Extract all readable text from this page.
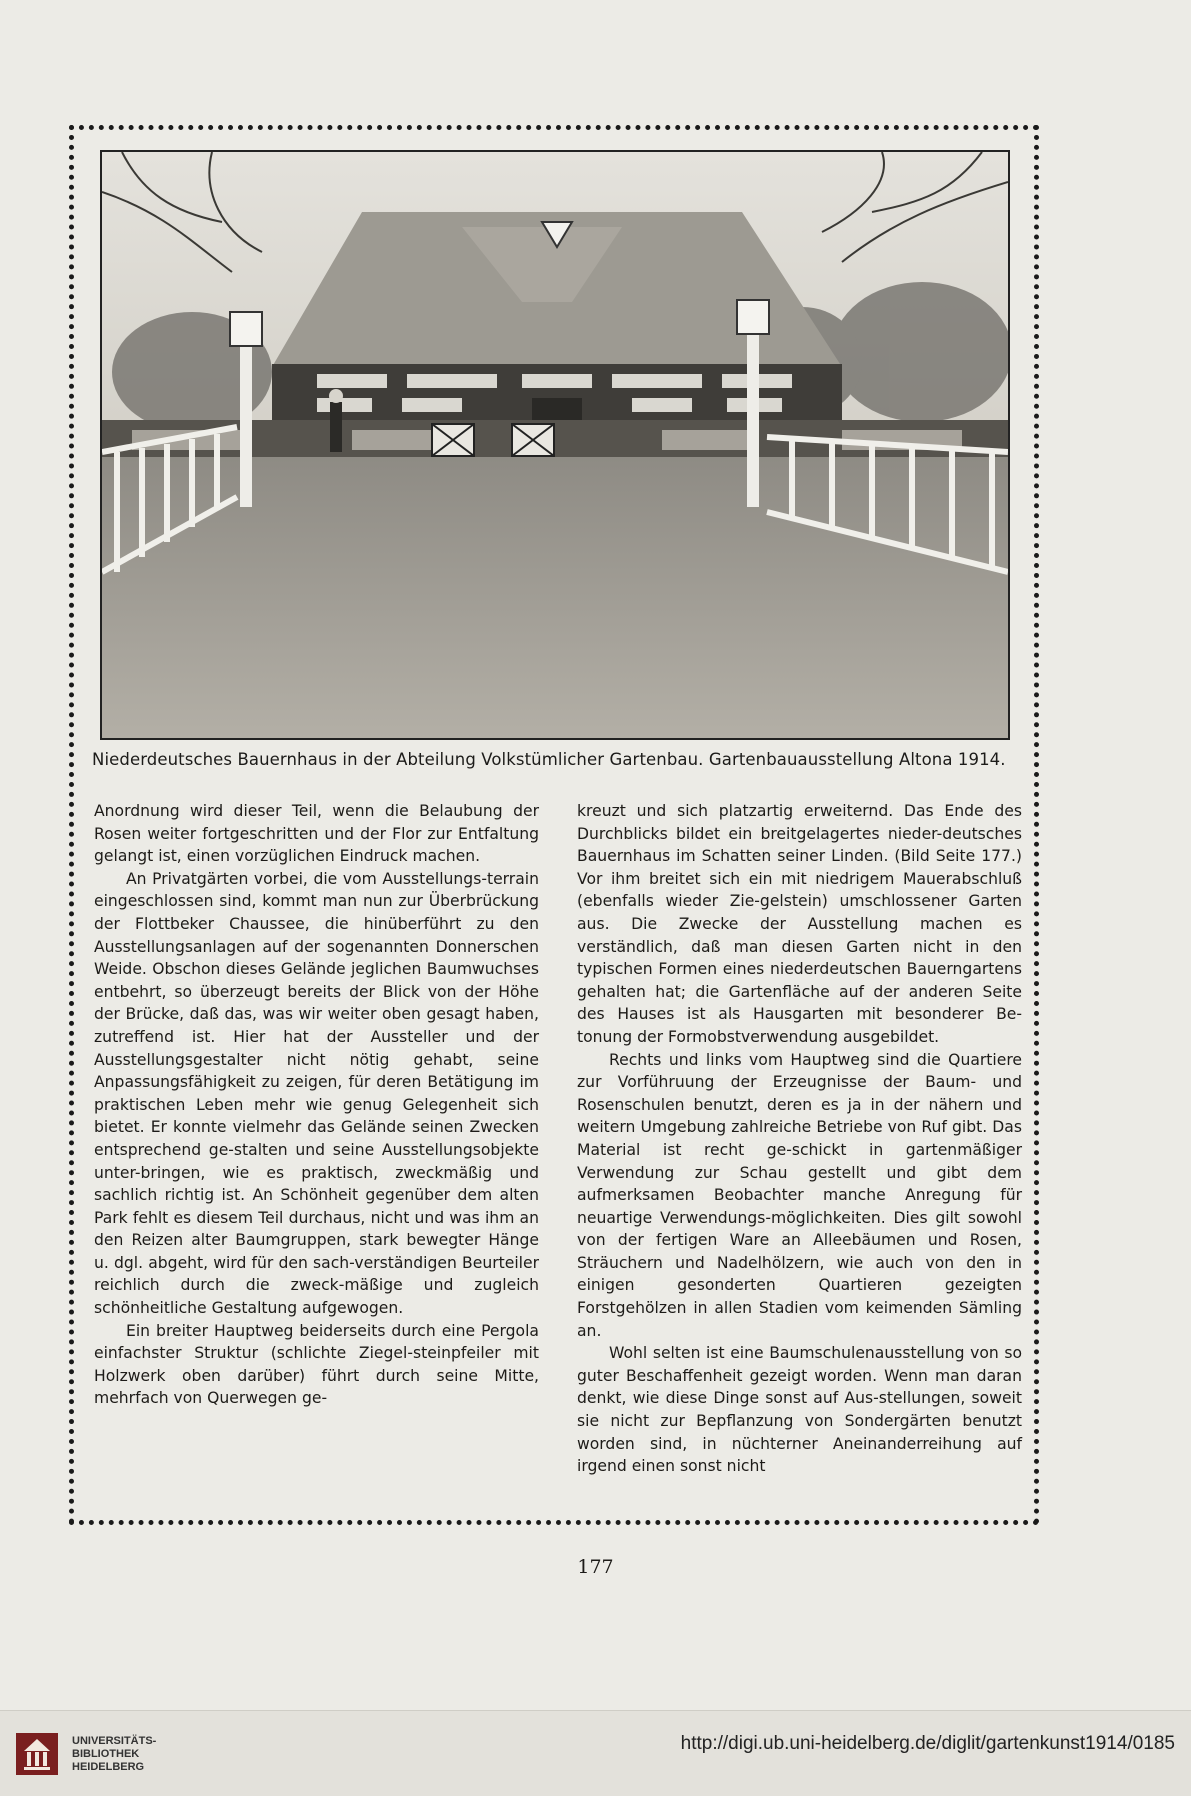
Niederdeutsches Bauernhaus in der Abteilung Volkstümlicher Gartenbau. Gartenbauausstellung Altona 1914.

Anordnung wird dieser Teil, wenn die Belaubung der Rosen weiter fortgeschritten und der Flor zur Entfaltung gelangt ist, einen vorzüglichen Eindruck machen.

An Privatgärten vorbei, die vom Ausstellungs-terrain eingeschlossen sind, kommt man nun zur Überbrückung der Flottbeker Chaussee, die hinüberführt zu den Ausstellungsanlagen auf der sogenannten Donnerschen Weide. Obschon dieses Gelände jeglichen Baumwuchses entbehrt, so überzeugt bereits der Blick von der Höhe der Brücke, daß das, was wir weiter oben gesagt haben, zutreffend ist. Hier hat der Aussteller und der Ausstellungsgestalter nicht nötig gehabt, seine Anpassungsfähigkeit zu zeigen, für deren Betätigung im praktischen Leben mehr wie genug Gelegenheit sich bietet. Er konnte vielmehr das Gelände seinen Zwecken entsprechend ge-stalten und seine Ausstellungsobjekte unter-bringen, wie es praktisch, zweckmäßig und sachlich richtig ist. An Schönheit gegenüber dem alten Park fehlt es diesem Teil durchaus, nicht und was ihm an den Reizen alter Baumgruppen, stark bewegter Hänge u. dgl. abgeht, wird für den sach-verständigen Beurteiler reichlich durch die zweck-mäßige und zugleich schönheitliche Gestaltung aufgewogen.

Ein breiter Hauptweg beiderseits durch eine Pergola einfachster Struktur (schlichte Ziegel-steinpfeiler mit Holzwerk oben darüber) führt durch seine Mitte, mehrfach von Querwegen ge-

kreuzt und sich platzartig erweiternd. Das Ende des Durchblicks bildet ein breitgelagertes nieder-deutsches Bauernhaus im Schatten seiner Linden. (Bild Seite 177.) Vor ihm breitet sich ein mit niedrigem Mauerabschluß (ebenfalls wieder Zie-gelstein) umschlossener Garten aus. Die Zwecke der Ausstellung machen es verständlich, daß man diesen Garten nicht in den typischen Formen eines niederdeutschen Bauerngartens gehalten hat; die Gartenfläche auf der anderen Seite des Hauses ist als Hausgarten mit besonderer Be-tonung der Formobstverwendung ausgebildet.

Rechts und links vom Hauptweg sind die Quartiere zur Vorführuung der Erzeugnisse der Baum- und Rosenschulen benutzt, deren es ja in der nähern und weitern Umgebung zahlreiche Betriebe von Ruf gibt. Das Material ist recht ge-schickt in gartenmäßiger Verwendung zur Schau gestellt und gibt dem aufmerksamen Beobachter manche Anregung für neuartige Verwendungs-möglichkeiten. Dies gilt sowohl von der fertigen Ware an Alleebäumen und Rosen, Sträuchern und Nadelhölzern, wie auch von den in einigen gesonderten Quartieren gezeigten Forstgehölzen in allen Stadien vom keimenden Sämling an.

Wohl selten ist eine Baumschulenausstellung von so guter Beschaffenheit gezeigt worden. Wenn man daran denkt, wie diese Dinge sonst auf Aus-stellungen, soweit sie nicht zur Bepflanzung von Sondergärten benutzt worden sind, in nüchterner Aneinanderreihung auf irgend einen sonst nicht

177
UNIVERSITÄTS-
BIBLIOTHEK
HEIDELBERG
http://digi.ub.uni-heidelberg.de/diglit/gartenkunst1914/0185
